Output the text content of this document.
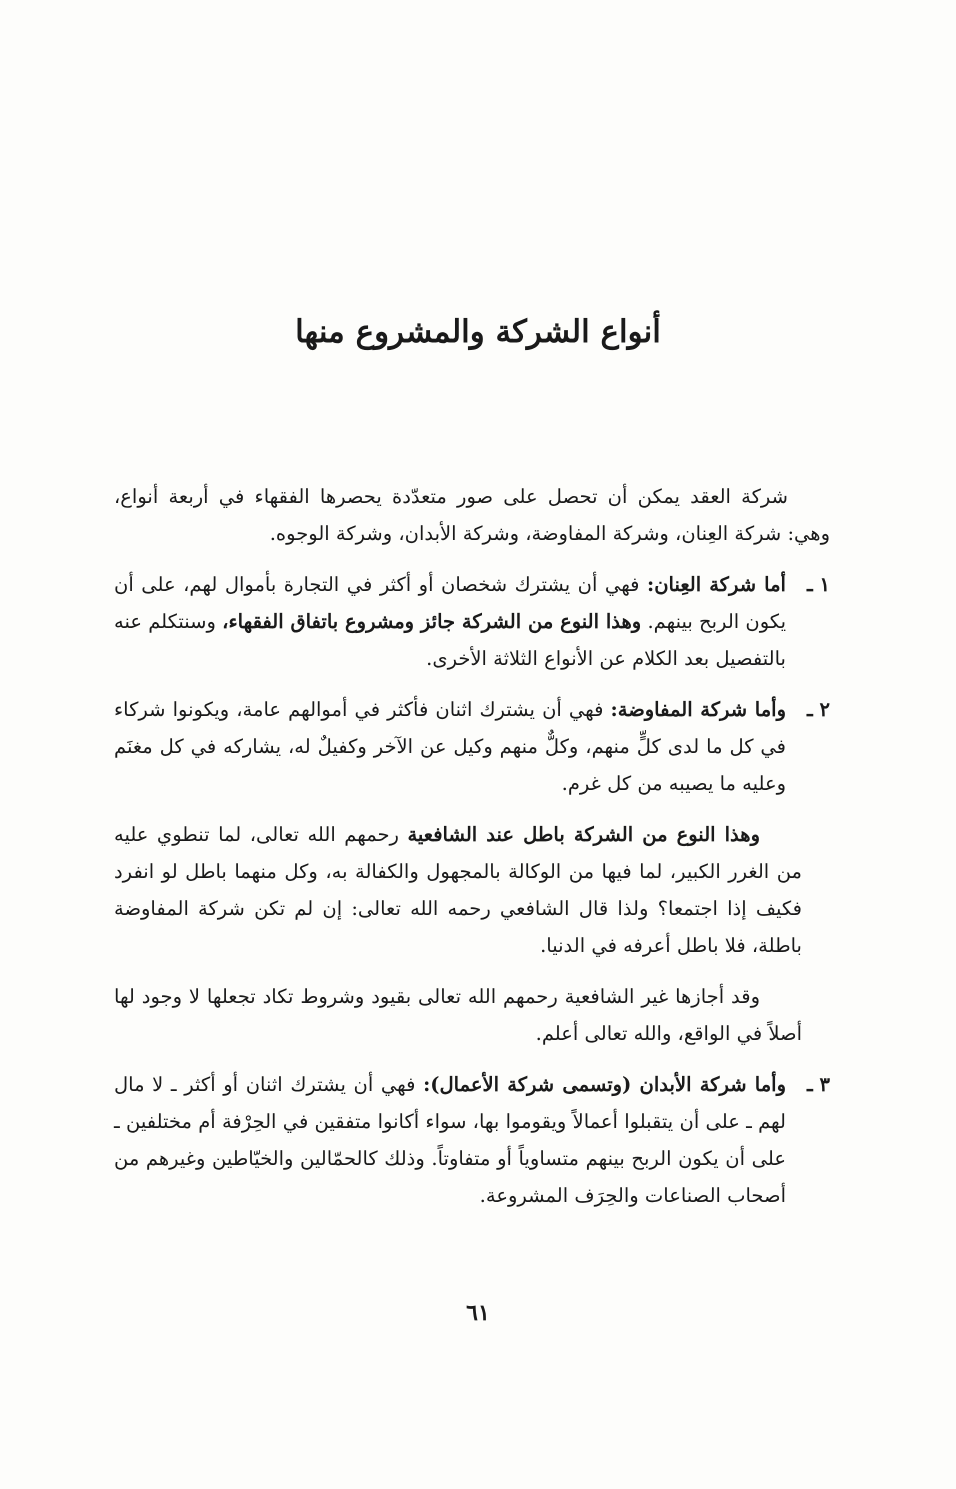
أنواع الشركة والمشروع منها

شركة العقد يمكن أن تحصل على صور متعدّدة يحصرها الفقهاء في أربعة أنواع، وهي: شركة العِنان، وشركة المفاوضة، وشركة الأبدان، وشركة الوجوه.

١ ـ
أما شركة العِنان: فهي أن يشترك شخصان أو أكثر في التجارة بأموال لهم، على أن يكون الربح بينهم. وهذا النوع من الشركة جائز ومشروع باتفاق الفقهاء، وسنتكلم عنه بالتفصيل بعد الكلام عن الأنواع الثلاثة الأخرى.
٢ ـ
وأما شركة المفاوضة: فهي أن يشترك اثنان فأكثر في أموالهم عامة، ويكونوا شركاء في كل ما لدى كلٍّ منهم، وكلٌّ منهم وكيل عن الآخر وكفيلٌ له، يشاركه في كل مغنَم وعليه ما يصيبه من كل غرم.

وهذا النوع من الشركة باطل عند الشافعية رحمهم الله تعالى، لما تنطوي عليه من الغرر الكبير، لما فيها من الوكالة بالمجهول والكفالة به، وكل منهما باطل لو انفرد فكيف إذا اجتمعا؟ ولذا قال الشافعي رحمه الله تعالى: إن لم تكن شركة المفاوضة باطلة، فلا باطل أعرفه في الدنيا.

وقد أجازها غير الشافعية رحمهم الله تعالى بقيود وشروط تكاد تجعلها لا وجود لها أصلاً في الواقع، والله تعالى أعلم.

٣ ـ
وأما شركة الأبدان (وتسمى شركة الأعمال): فهي أن يشترك اثنان أو أكثر ـ لا مال لهم ـ على أن يتقبلوا أعمالاً ويقوموا بها، سواء أكانوا متفقين في الحِرْفة أم مختلفين ـ على أن يكون الربح بينهم متساوياً أو متفاوتاً. وذلك كالحمّالين والخيّاطين وغيرهم من أصحاب الصناعات والحِرَف المشروعة.
٦١
